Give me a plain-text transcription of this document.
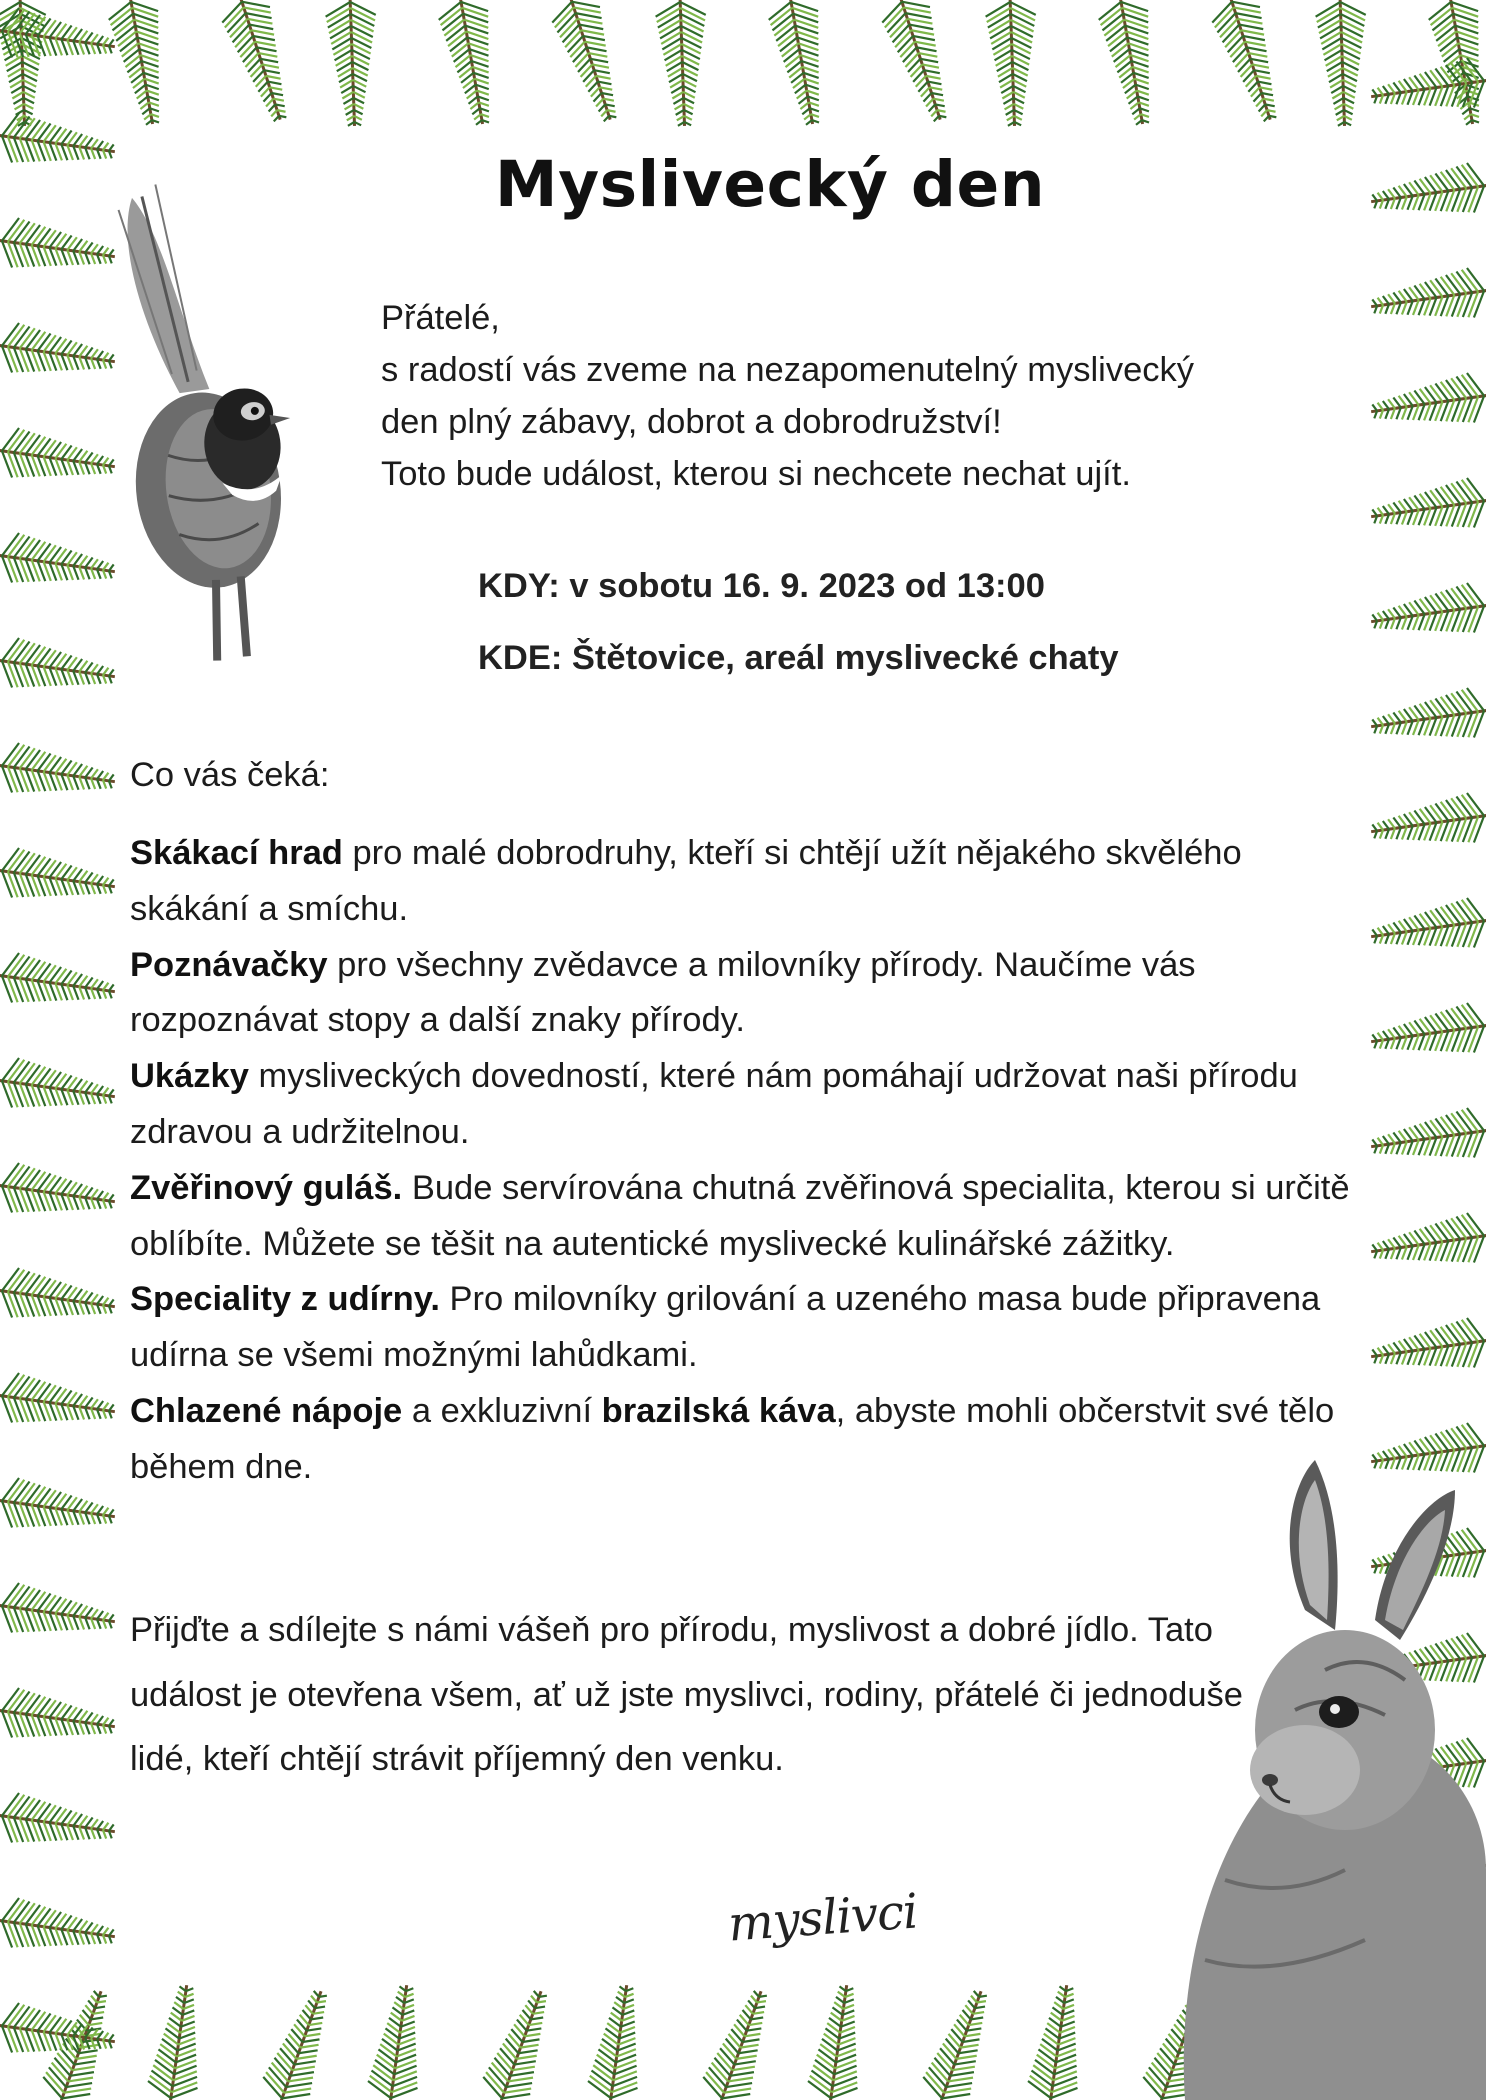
Myslivecký den
Přátelé,
s radostí vás zveme na nezapomenutelný myslivecký
den plný zábavy, dobrot a dobrodružství!
Toto bude událost, kterou si nechcete nechat ujít.
KDY: v sobotu 16. 9. 2023 od 13:00
KDE: Štětovice, areál myslivecké chaty
Co vás čeká:

Skákací hrad pro malé dobrodruhy, kteří si chtějí užít nějakého skvělého skákání a smíchu.

Poznávačky pro všechny zvědavce a milovníky přírody. Naučíme vás rozpoznávat stopy a další znaky přírody.

Ukázky mysliveckých dovedností, které nám pomáhají udržovat naši přírodu zdravou a udržitelnou.

Zvěřinový guláš. Bude servírována chutná zvěřinová specialita, kterou si určitě oblíbíte. Můžete se těšit na autentické myslivecké kulinářské zážitky.

Speciality z udírny. Pro milovníky grilování a uzeného masa bude připravena udírna se všemi možnými lahůdkami.

Chlazené nápoje a exkluzivní brazilská káva, abyste mohli občerstvit své tělo během dne.

Přijďte a sdílejte s námi vášeň pro přírodu, myslivost a dobré jídlo. Tato událost je otevřena všem, ať už jste myslivci, rodiny, přátelé či jednoduše lidé, kteří chtějí strávit příjemný den venku.
myslivci
